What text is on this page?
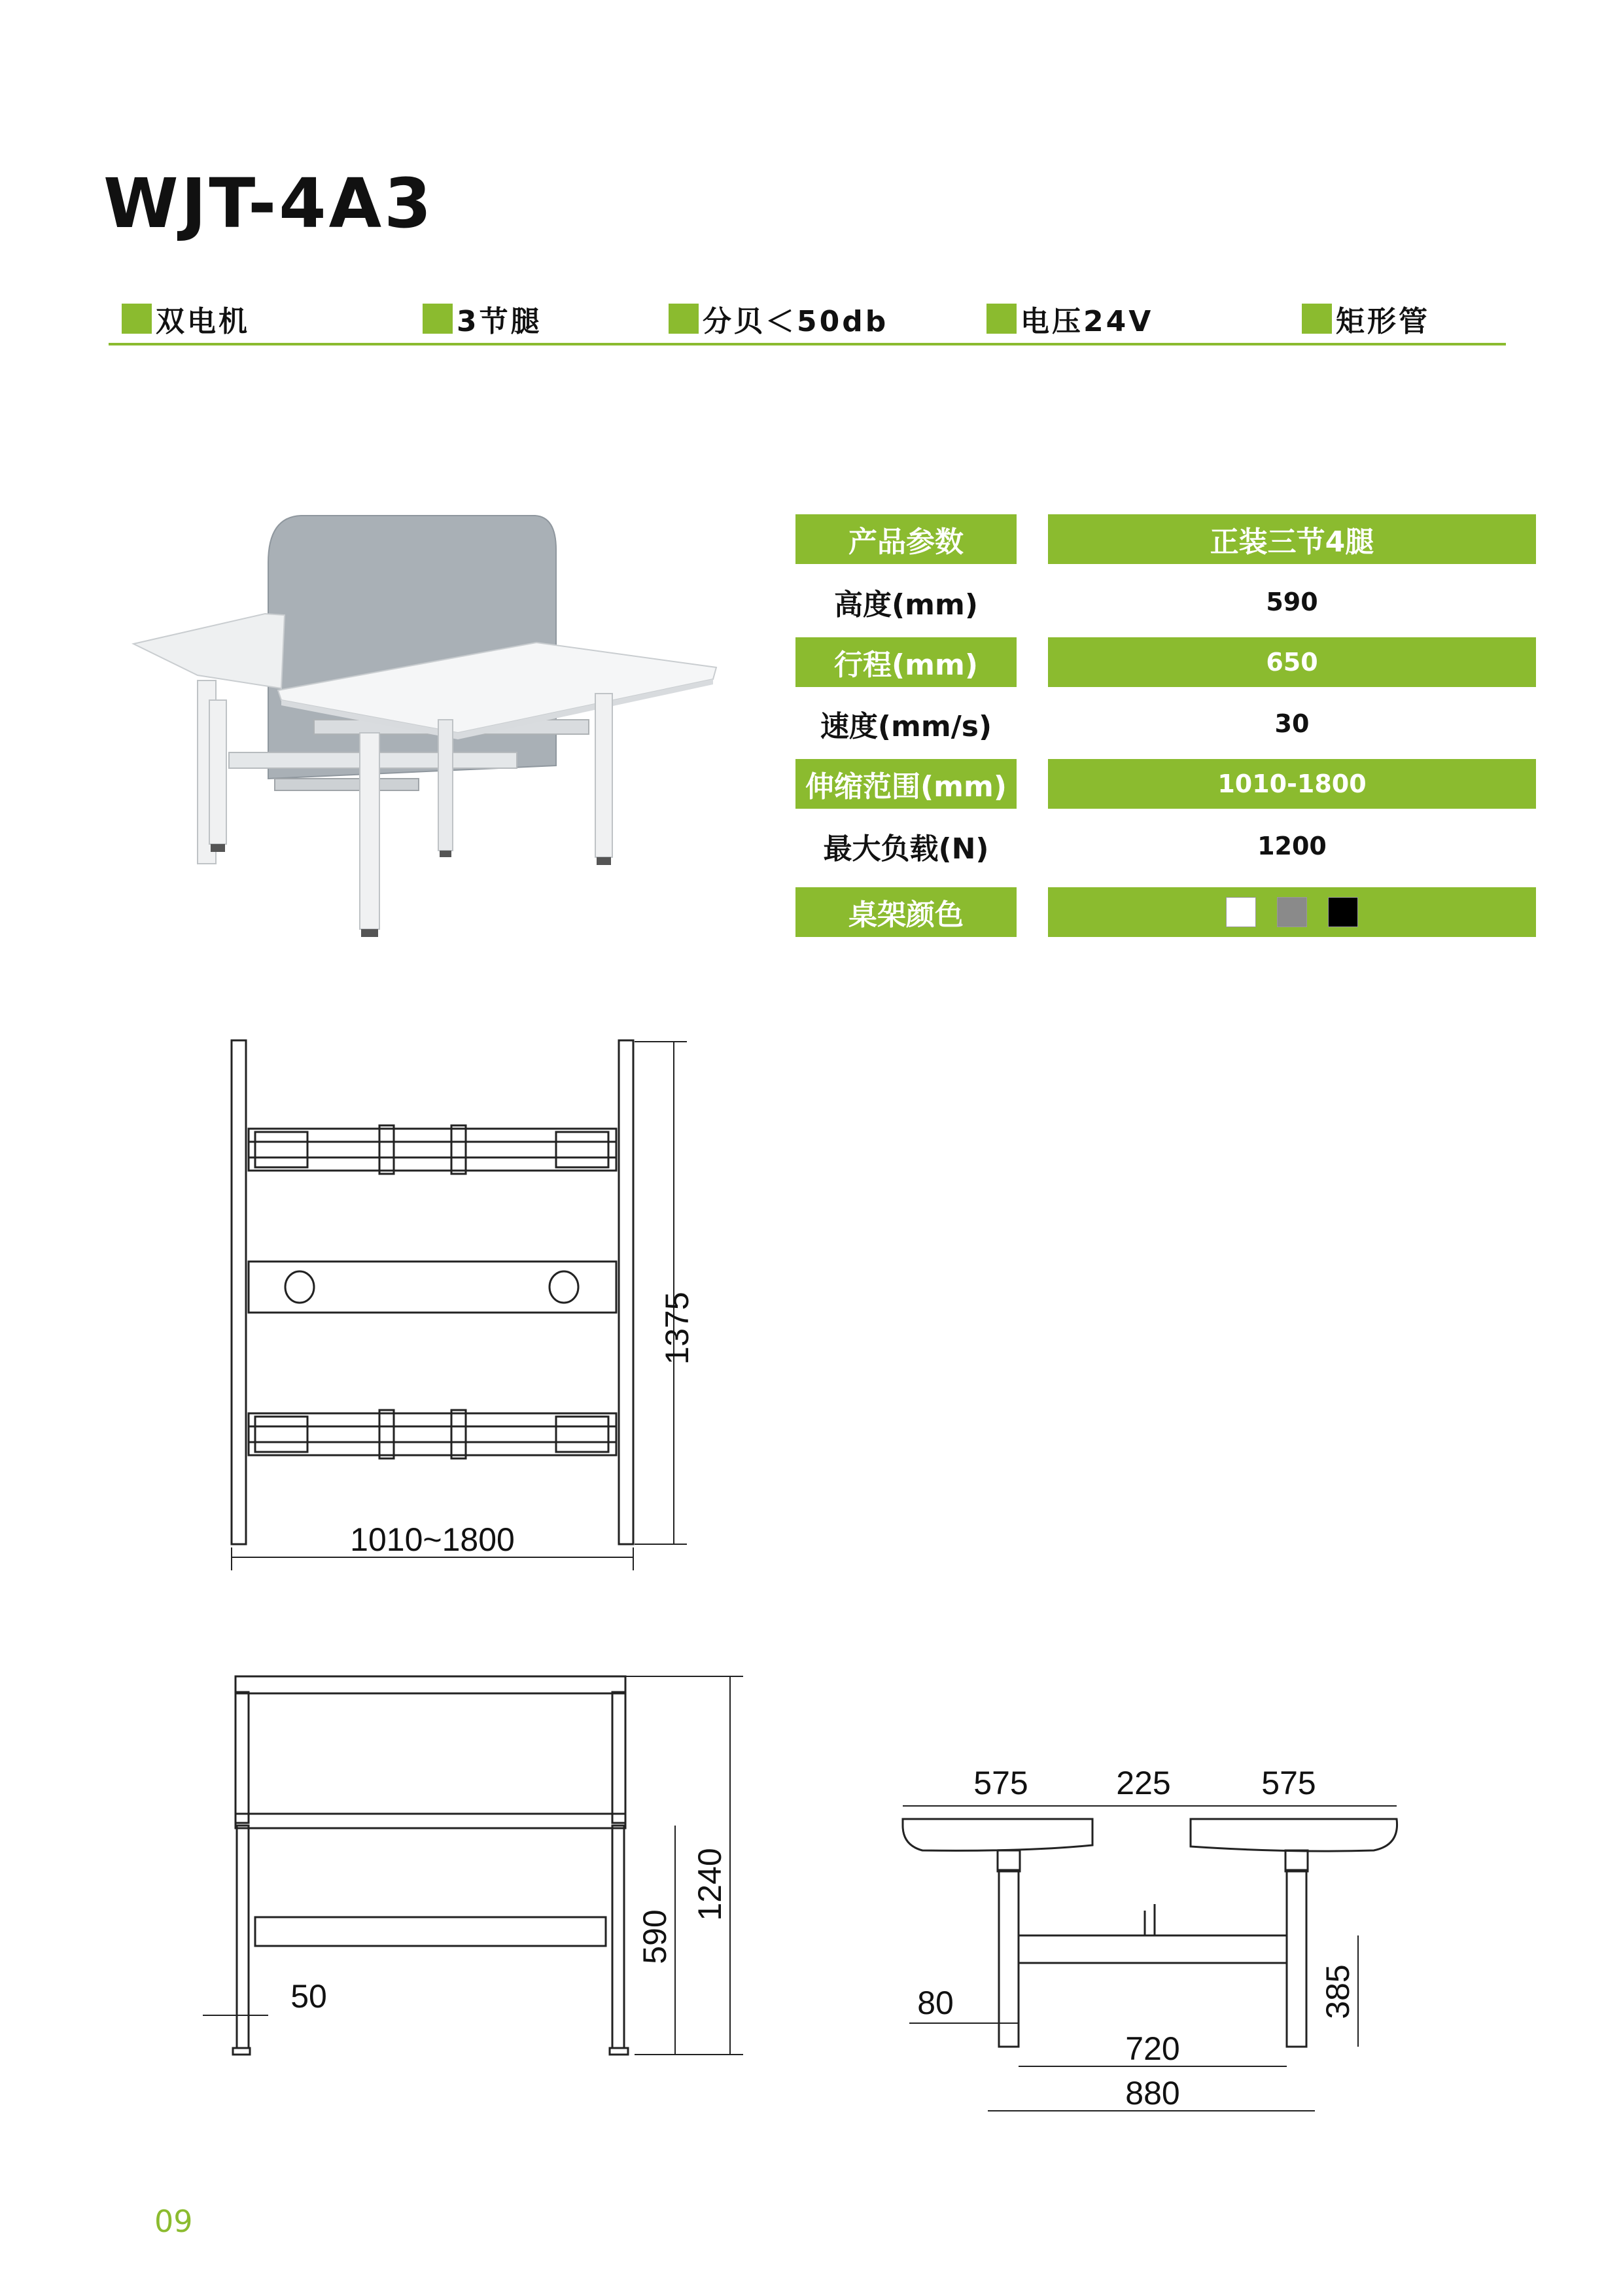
WJT-4A3
双电机	3节腿	分贝＜50db	电压24V	矩形管
产品参数	正装三节4腿
高度(mm)	590
行程(mm)	650
速度(mm/s)	30
伸缩范围(mm)	1010-1800
最大负载(N)	1200
桌架颜色
1375
1010~1800
1240
590
50
575	225	575
80	385
720
880
09
